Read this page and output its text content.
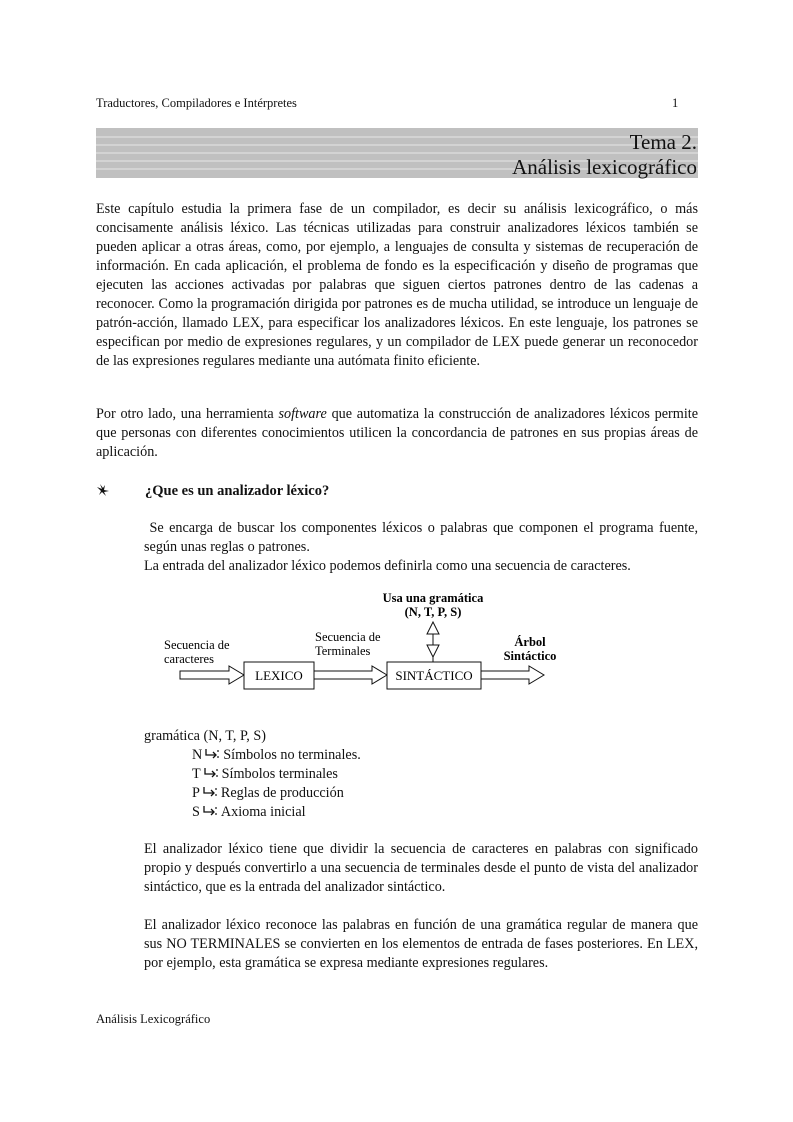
Traductores, Compiladores e Intérpretes	1
Tema 2.
Análisis lexicográfico
Este capítulo estudia la primera fase de un compilador, es decir su análisis lexicográfico, o más concisamente análisis léxico. Las técnicas utilizadas para construir analizadores léxicos también se pueden aplicar a otras áreas, como, por ejemplo, a lenguajes de consulta y sistemas de recuperación de información. En cada aplicación, el problema de fondo es la especificación y diseño de programas que ejecuten las acciones activadas por palabras que siguen ciertos patrones dentro de las cadenas a reconocer. Como la programación dirigida por patrones es de mucha utilidad, se introduce un lenguaje de patrón-acción, llamado LEX, para especificar los analizadores léxicos. En este lenguaje, los patrones se especifican por medio de expresiones regulares, y un compilador de LEX puede generar un reconocedor de las expresiones regulares mediante una autómata finito eficiente.
Por otro lado, una herramienta software que automatiza la construcción de analizadores léxicos permite que personas con diferentes conocimientos utilicen la concordancia de patrones en sus propias áreas de aplicación.
¿Que es un analizador léxico?
Se encarga de buscar los componentes léxicos o palabras que componen el programa fuente, según unas reglas o patrones.
La entrada del analizador léxico podemos definirla como una secuencia de caracteres.
Usa una gramática
(N, T, P, S)
Secuencia de
caracteres
LEXICO
Secuencia de
Terminales
SINTÁCTICO
Árbol
Sintáctico
gramática (N, T, P, S)
N Símbolos no terminales.
T Símbolos terminales
P Reglas de producción
S Axioma inicial
El analizador léxico tiene que dividir la secuencia de caracteres en palabras con significado propio y después convertirlo a una secuencia de terminales desde el punto de vista del analizador sintáctico, que es la entrada del analizador sintáctico.
El analizador léxico reconoce las palabras en función de una gramática regular de manera que sus NO TERMINALES se convierten en los elementos de entrada de fases posteriores. En LEX, por ejemplo, esta gramática se expresa mediante expresiones regulares.
Análisis Lexicográfico
